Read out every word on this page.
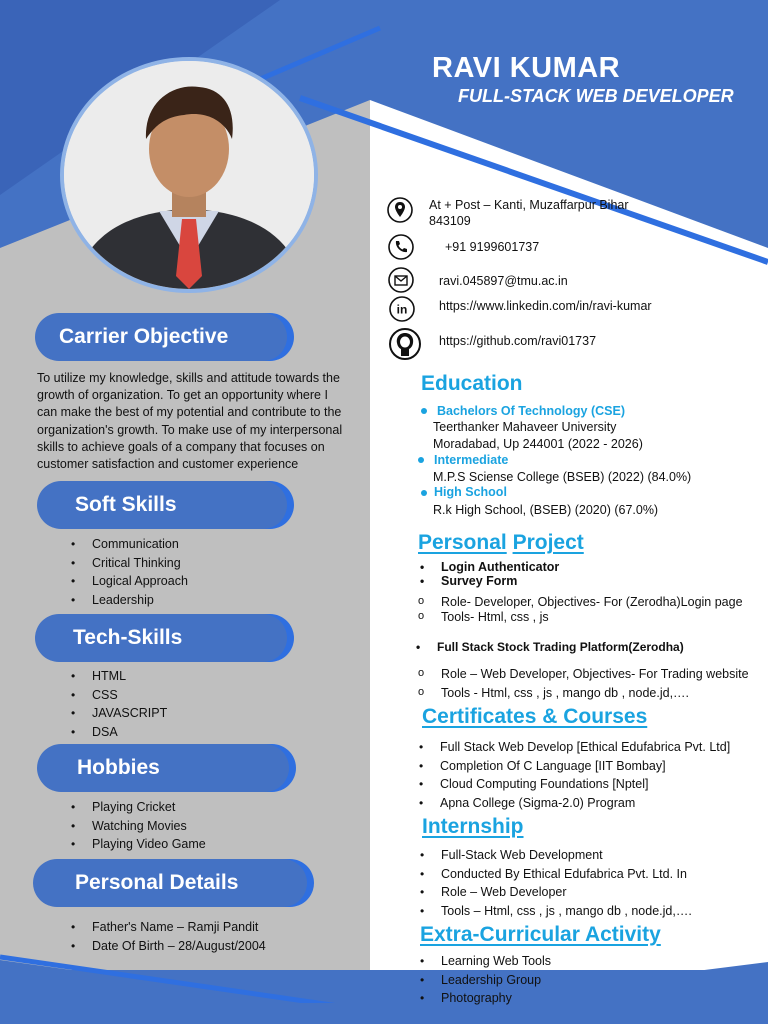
RAVI KUMAR
FULL-STACK WEB DEVELOPER
Carrier Objective
To utilize my knowledge, skills and attitude towards the
growth of organization. To get an opportunity where I
can make the best of my potential and contribute to the
organization's growth. To make use of my interpersonal
skills to achieve goals of a company that focuses on
customer satisfaction and customer experience
Soft Skills
• Communication
• Critical Thinking
• Logical Approach
• Leadership
Tech-Skills
• HTML
• CSS
• JAVASCRIPT
• DSA
Hobbies
• Playing Cricket
• Watching Movies
• Playing Video Game
Personal Details
• Father's Name – Ramji Pandit
• Date Of Birth – 28/August/2004
in
At + Post – Kanti, Muzaffarpur Bihar
843109
+91 9199601737
ravi.045897@tmu.ac.in
https://www.linkedin.com/in/ravi-kumar
https://github.com/ravi01737
Education
Bachelors Of Technology (CSE)
Teerthanker Mahaveer University
Moradabad, Up 244001 (2022 - 2026)
Intermediate
M.P.S Sciense College (BSEB) (2022) (84.0%)
High School
R.k High School, (BSEB) (2020) (67.0%)
Personal Project
• Login Authenticator
• Survey Form
o Role- Developer, Objectives- For (Zerodha)Login page
o Tools- Html, css , js
• Full Stack Stock Trading Platform(Zerodha)
o Role – Web Developer, Objectives- For Trading website
o Tools - Html, css , js , mango db , node.jd,….
Certificates & Courses
• Full Stack Web Develop [Ethical Edufabrica Pvt. Ltd]
• Completion Of C Language [IIT Bombay]
• Cloud Computing Foundations [Nptel]
• Apna College (Sigma-2.0) Program
Internship
• Full-Stack Web Development
• Conducted By Ethical Edufabrica Pvt. Ltd. In
• Role – Web Developer
• Tools – Html, css , js , mango db , node.jd,….
Extra-Curricular Activity
• Learning Web Tools
• Leadership Group
• Photography
